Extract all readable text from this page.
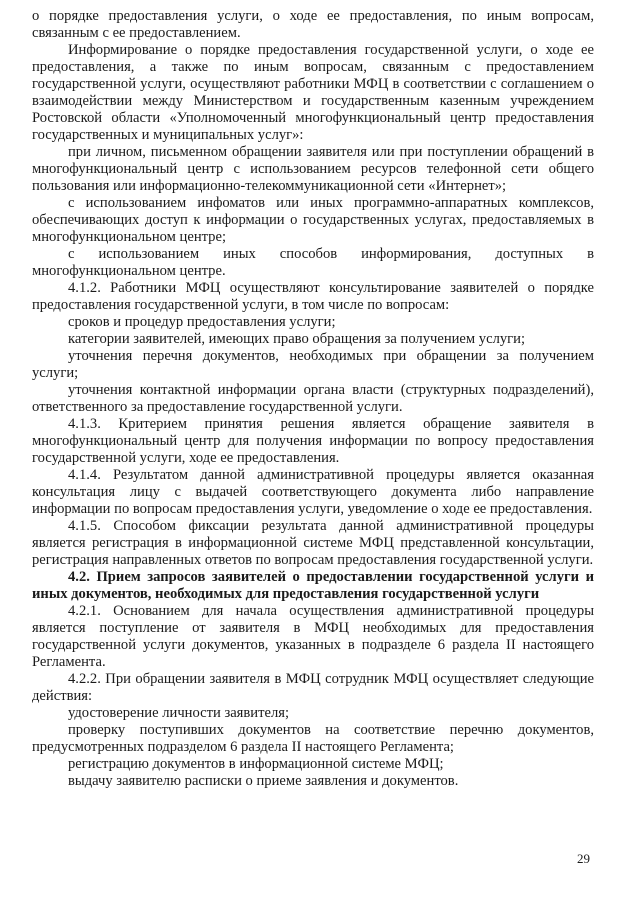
о порядке предоставления услуги, о ходе ее предоставления, по иным вопросам, связанным с ее предоставлением.

Информирование о порядке предоставления государственной услуги, о ходе ее предоставления, а также по иным вопросам, связанным с предоставлением государственной услуги, осуществляют работники МФЦ в соответствии с соглашением о взаимодействии между Министерством и государственным казенным учреждением Ростовской области «Уполномоченный многофункциональный центр предоставления государственных и муниципальных услуг»:

при личном, письменном обращении заявителя или при поступлении обращений в многофункциональный центр с использованием ресурсов телефонной сети общего пользования или информационно-телекоммуникационной сети «Интернет»;

с использованием инфоматов или иных программно-аппаратных комплексов, обеспечивающих доступ к информации о государственных услугах, предоставляемых в многофункциональном центре;

с использованием иных способов информирования, доступных в многофункциональном центре.

4.1.2. Работники МФЦ осуществляют консультирование заявителей о порядке предоставления государственной услуги, в том числе по вопросам:

сроков и процедур предоставления услуги;

категории заявителей, имеющих право обращения за получением услуги;

уточнения перечня документов, необходимых при обращении за получением услуги;

уточнения контактной информации органа власти (структурных подразделений), ответственного за предоставление государственной услуги.

4.1.3. Критерием принятия решения является обращение заявителя в многофункциональный центр для получения информации по вопросу предоставления государственной услуги, ходе ее предоставления.

4.1.4. Результатом данной административной процедуры является оказанная консультация лицу с выдачей соответствующего документа либо направление информации по вопросам предоставления услуги, уведомление о ходе ее предоставления.

4.1.5. Способом фиксации результата данной административной процедуры является регистрация в информационной системе МФЦ представленной консультации, регистрация направленных ответов по вопросам предоставления государственной услуги.

4.2. Прием запросов заявителей о предоставлении государственной услуги и иных документов, необходимых для предоставления государственной услуги

4.2.1. Основанием для начала осуществления административной процедуры является поступление от заявителя в МФЦ необходимых для предоставления государственной услуги документов, указанных в подразделе 6 раздела II настоящего Регламента.

4.2.2. При обращении заявителя в МФЦ сотрудник МФЦ осуществляет следующие действия:

удостоверение личности заявителя;

проверку поступивших документов на соответствие перечню документов, предусмотренных подразделом 6 раздела II настоящего Регламента;

регистрацию документов в информационной системе МФЦ;

выдачу заявителю расписки о приеме заявления и документов.

29
